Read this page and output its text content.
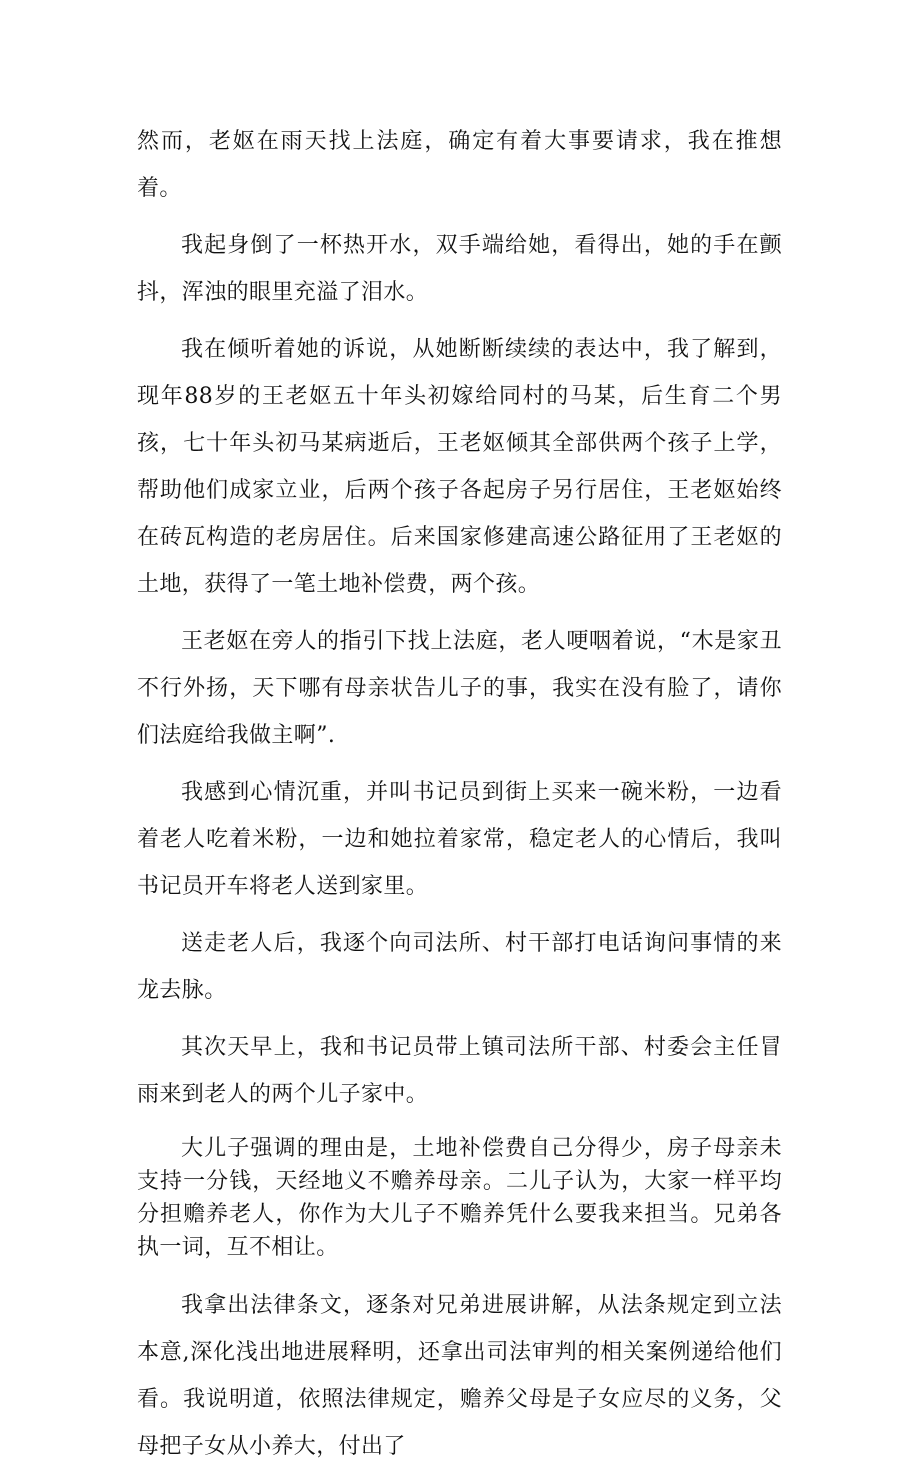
然而，老妪在雨天找上法庭，确定有着大事要请求，我在推想着。

我起身倒了一杯热开水，双手端给她，看得出，她的手在颤抖，浑浊的眼里充溢了泪水。

我在倾听着她的诉说，从她断断续续的表达中，我了解到，现年88岁的王老妪五十年头初嫁给同村的马某，后生育二个男孩，七十年头初马某病逝后，王老妪倾其全部供两个孩子上学，帮助他们成家立业，后两个孩子各起房子另行居住，王老妪始终在砖瓦构造的老房居住。后来国家修建高速公路征用了王老妪的土地，获得了一笔土地补偿费，两个孩。

王老妪在旁人的指引下找上法庭，老人哽咽着说，“木是家丑不行外扬，天下哪有母亲状告儿子的事，我实在没有脸了，请你们法庭给我做主啊”.

我感到心情沉重，并叫书记员到街上买来一碗米粉，一边看着老人吃着米粉，一边和她拉着家常，稳定老人的心情后，我叫书记员开车将老人送到家里。

送走老人后，我逐个向司法所、村干部打电话询问事情的来龙去脉。

其次天早上，我和书记员带上镇司法所干部、村委会主任冒雨来到老人的两个儿子家中。

大儿子强调的理由是，土地补偿费自己分得少，房子母亲未支持一分钱，天经地义不赡养母亲。二儿子认为，大家一样平均分担赡养老人，你作为大儿子不赡养凭什么要我来担当。兄弟各执一词，互不相让。

我拿出法律条文，逐条对兄弟进展讲解，从法条规定到立法本意,深化浅出地进展释明，还拿出司法审判的相关案例递给他们看。我说明道，依照法律规定，赡养父母是子女应尽的义务，父母把子女从小养大，付出了
